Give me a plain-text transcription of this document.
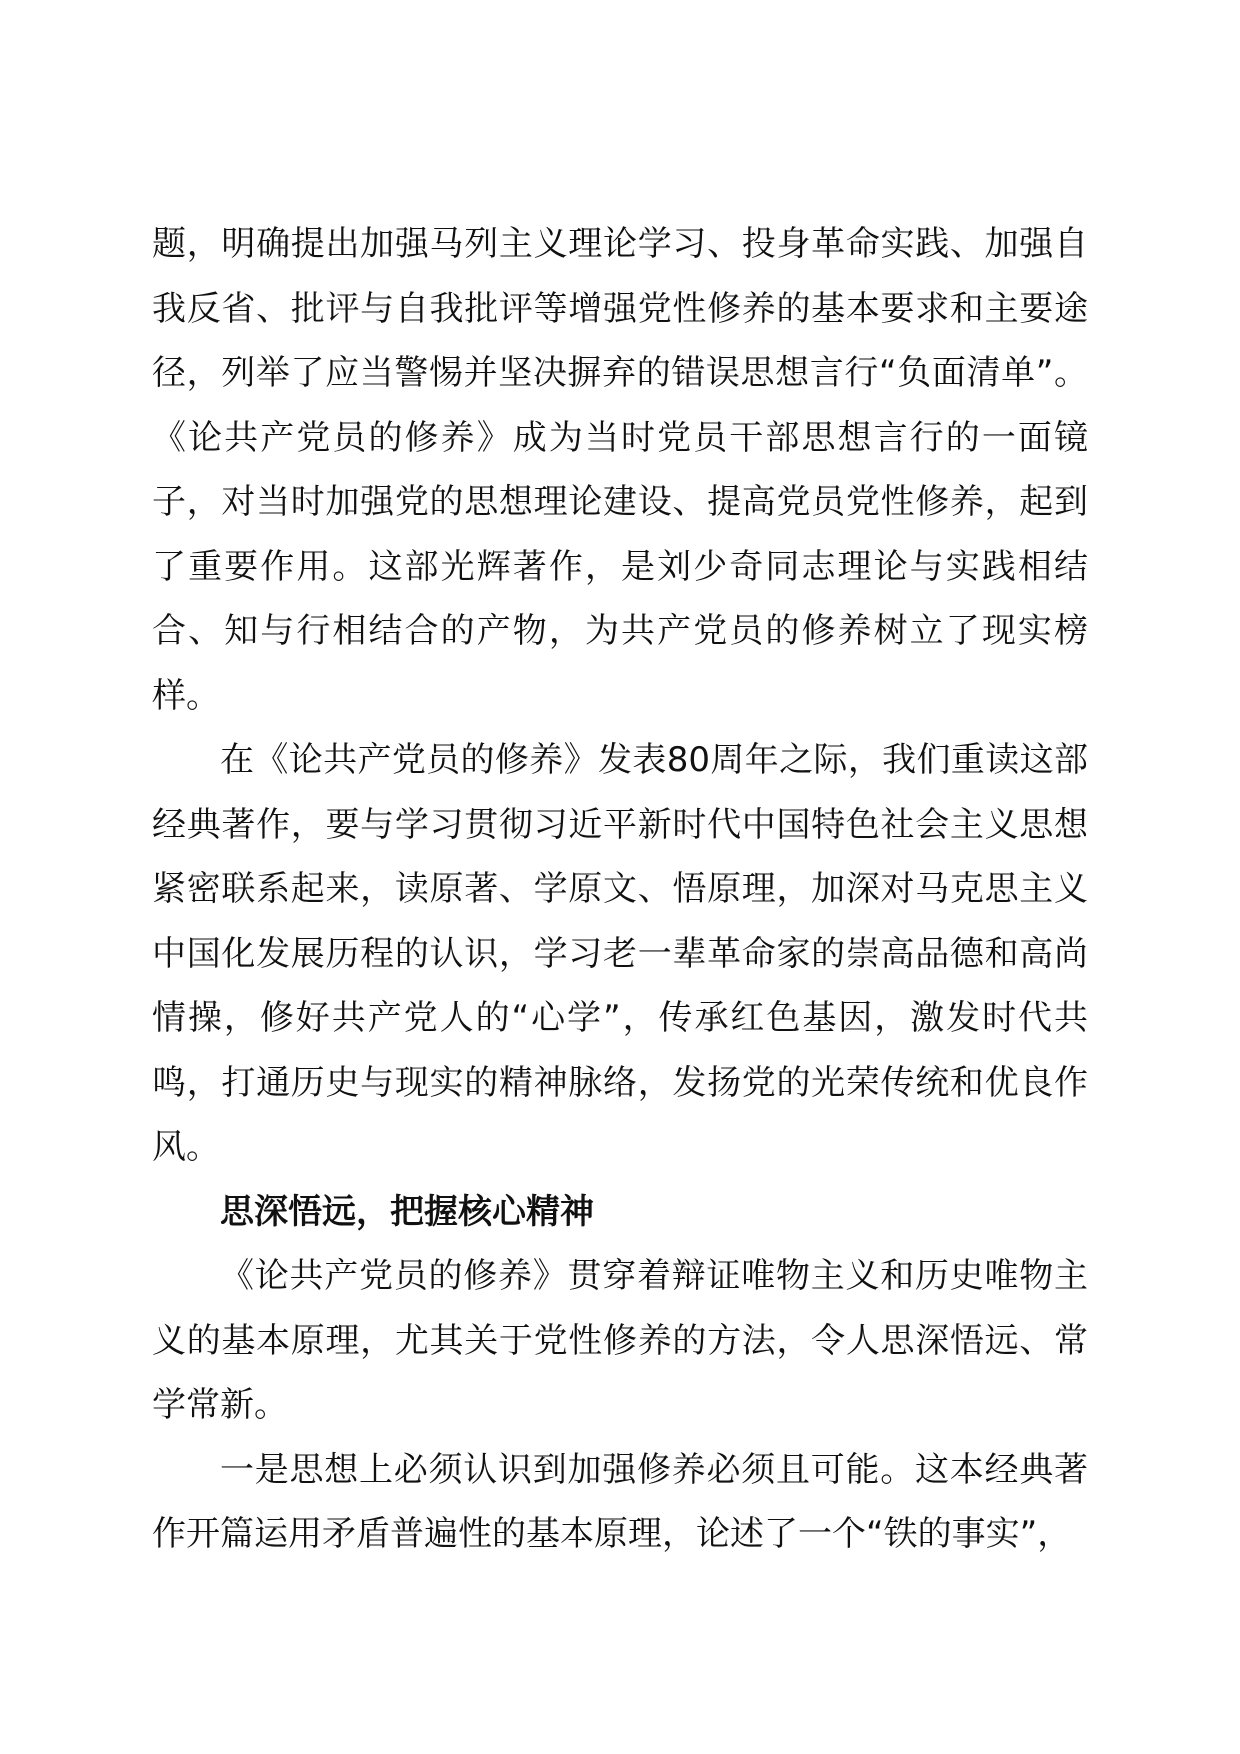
题，明确提出加强马列主义理论学习、投身革命实践、加强自我反省、批评与自我批评等增强党性修养的基本要求和主要途径，列举了应当警惕并坚决摒弃的错误思想言行“负面清单”。《论共产党员的修养》成为当时党员干部思想言行的一面镜子，对当时加强党的思想理论建设、提高党员党性修养，起到了重要作用。这部光辉著作，是刘少奇同志理论与实践相结合、知与行相结合的产物，为共产党员的修养树立了现实榜样。

在《论共产党员的修养》发表80周年之际，我们重读这部经典著作，要与学习贯彻习近平新时代中国特色社会主义思想紧密联系起来，读原著、学原文、悟原理，加深对马克思主义中国化发展历程的认识，学习老一辈革命家的崇高品德和高尚情操，修好共产党人的“心学”，传承红色基因，激发时代共鸣，打通历史与现实的精神脉络，发扬党的光荣传统和优良作风。

思深悟远，把握核心精神

《论共产党员的修养》贯穿着辩证唯物主义和历史唯物主义的基本原理，尤其关于党性修养的方法，令人思深悟远、常学常新。

一是思想上必须认识到加强修养必须且可能。这本经典著作开篇运用矛盾普遍性的基本原理，论述了一个“铁的事实”，
